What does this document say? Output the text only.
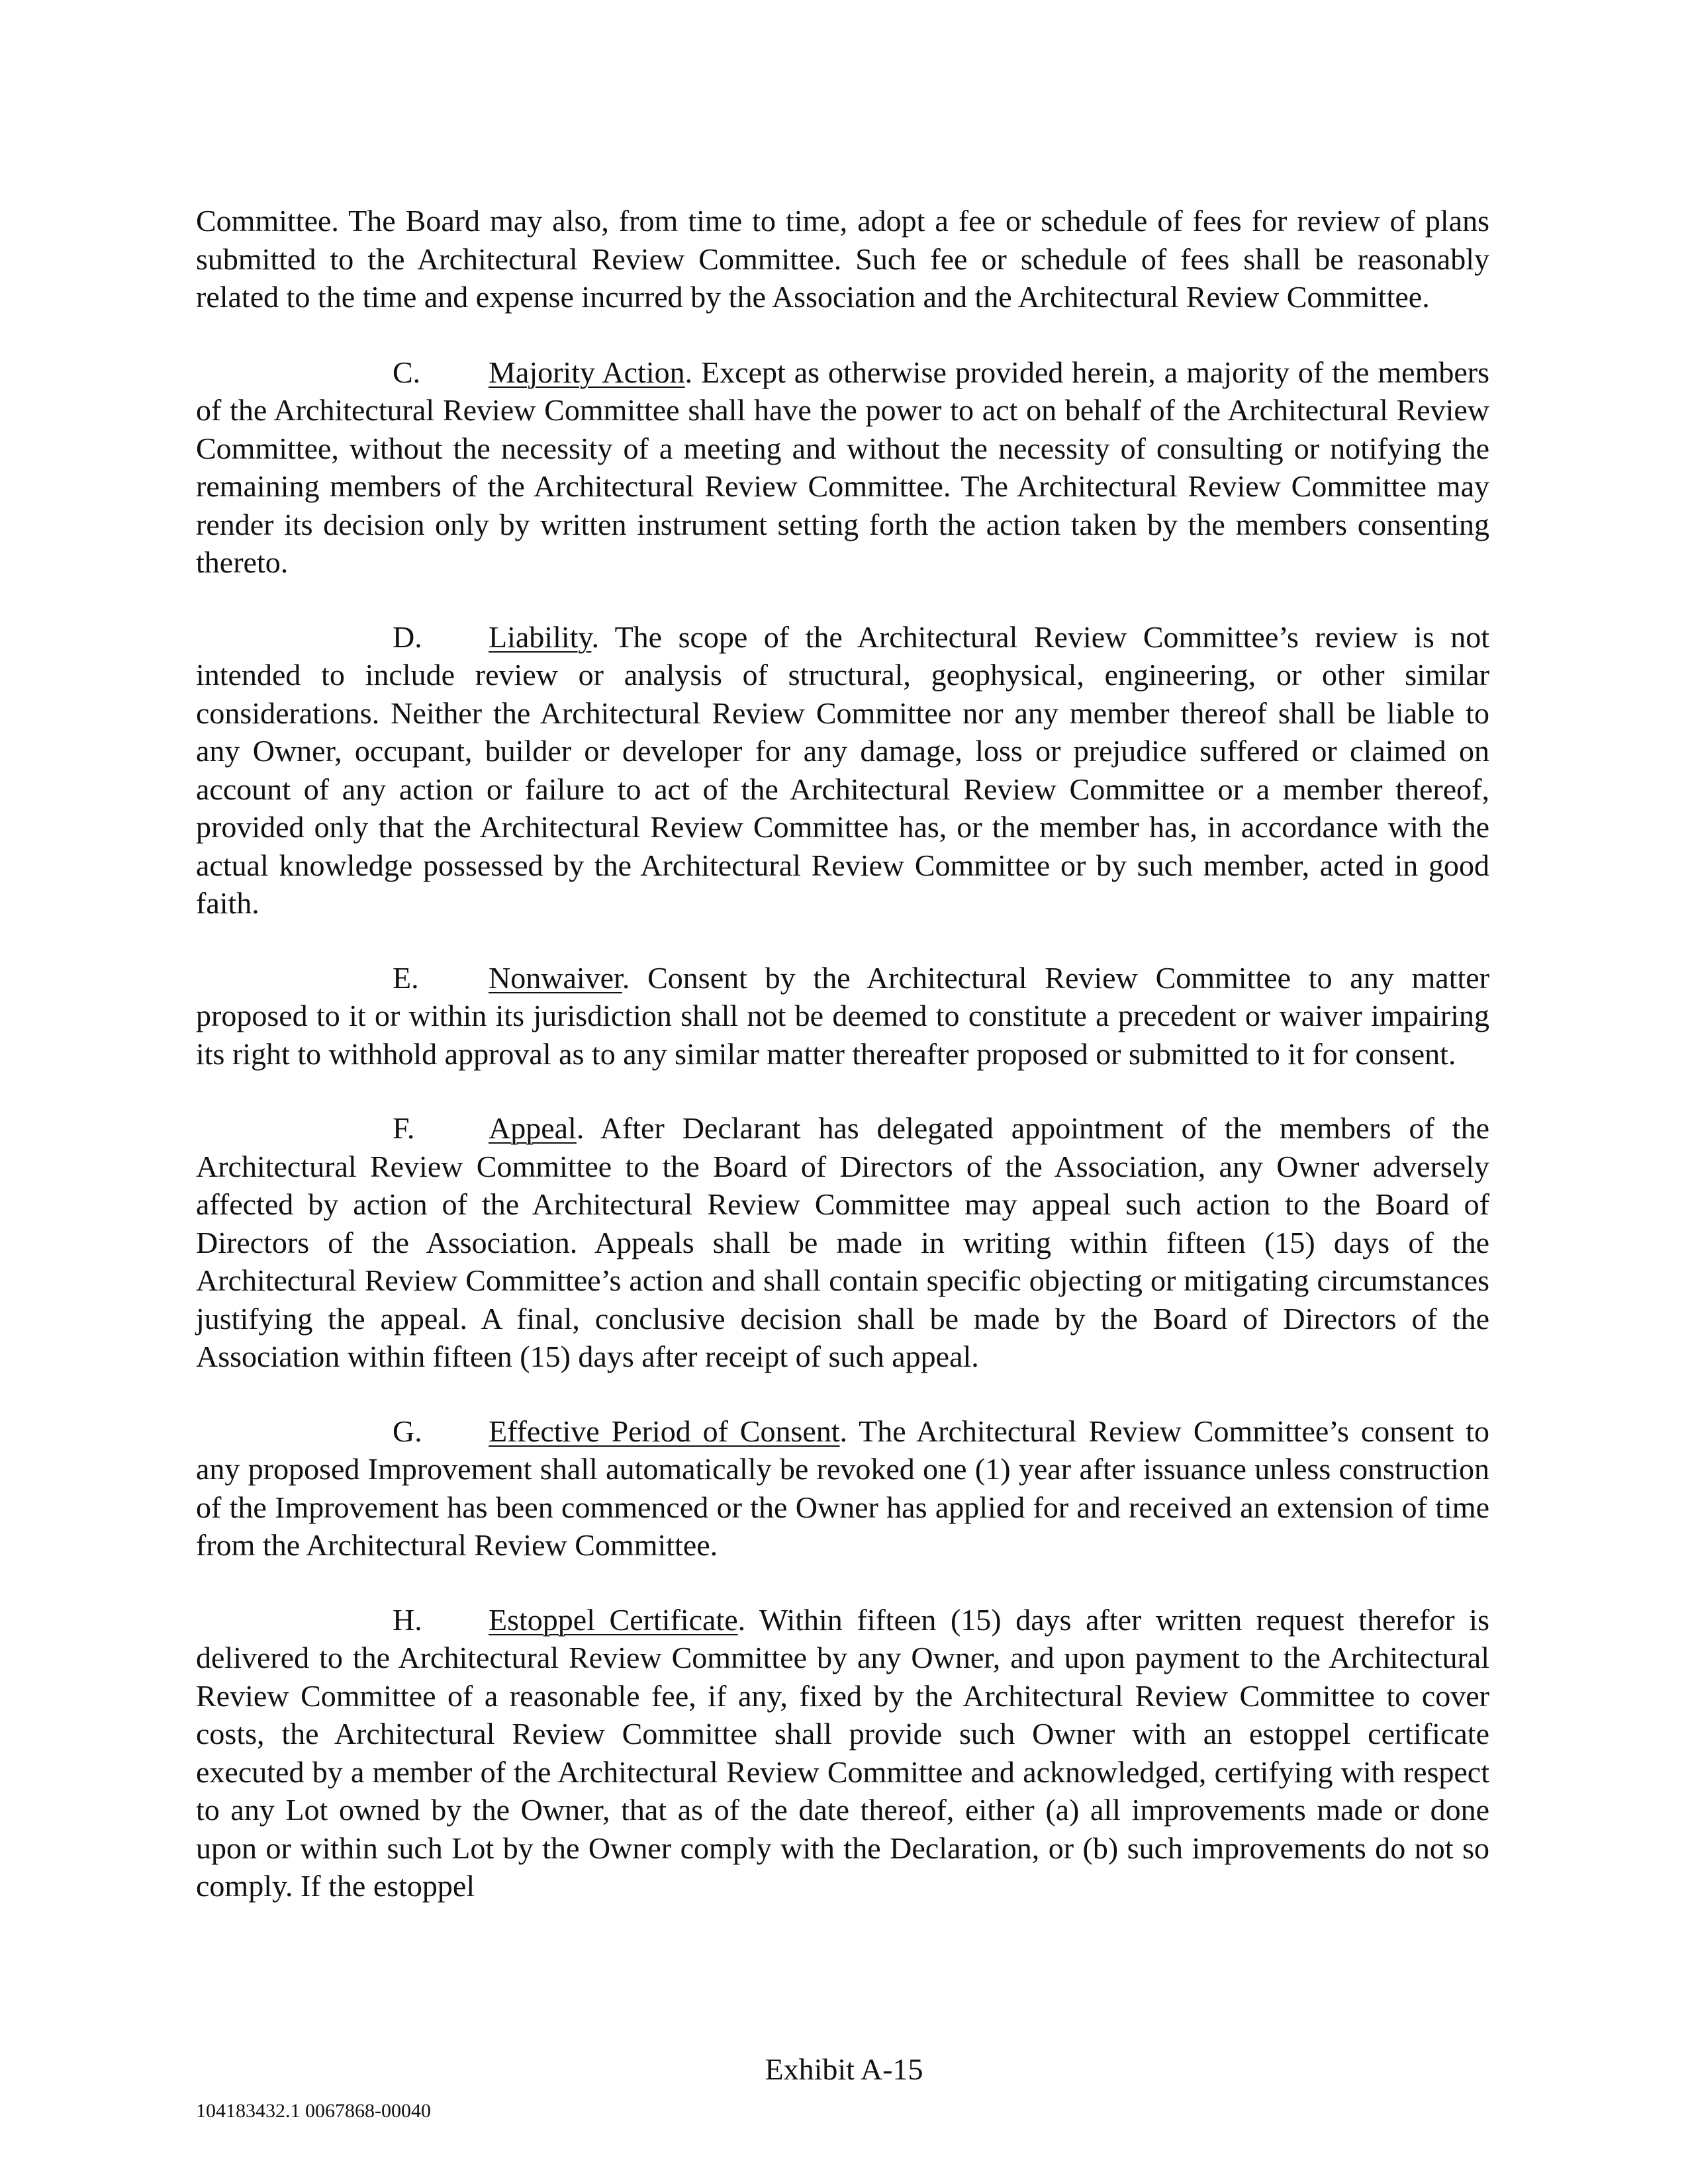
Committee. The Board may also, from time to time, adopt a fee or schedule of fees for review of plans submitted to the Architectural Review Committee. Such fee or schedule of fees shall be reasonably related to the time and expense incurred by the Association and the Architectural Review Committee.

C. Majority Action. Except as otherwise provided herein, a majority of the members of the Architectural Review Committee shall have the power to act on behalf of the Architectural Review Committee, without the necessity of a meeting and without the necessity of consulting or notifying the remaining members of the Architectural Review Committee. The Architectural Review Committee may render its decision only by written instrument setting forth the action taken by the members consenting thereto.

D. Liability. The scope of the Architectural Review Committee’s review is not intended to include review or analysis of structural, geophysical, engineering, or other similar considerations. Neither the Architectural Review Committee nor any member thereof shall be liable to any Owner, occupant, builder or developer for any damage, loss or prejudice suffered or claimed on account of any action or failure to act of the Architectural Review Committee or a member thereof, provided only that the Architectural Review Committee has, or the member has, in accordance with the actual knowledge possessed by the Architectural Review Committee or by such member, acted in good faith.

E. Nonwaiver. Consent by the Architectural Review Committee to any matter proposed to it or within its jurisdiction shall not be deemed to constitute a precedent or waiver impairing its right to withhold approval as to any similar matter thereafter proposed or submitted to it for consent.

F. Appeal. After Declarant has delegated appointment of the members of the Architectural Review Committee to the Board of Directors of the Association, any Owner adversely affected by action of the Architectural Review Committee may appeal such action to the Board of Directors of the Association. Appeals shall be made in writing within fifteen (15) days of the Architectural Review Committee’s action and shall contain specific objecting or mitigating circumstances justifying the appeal. A final, conclusive decision shall be made by the Board of Directors of the Association within fifteen (15) days after receipt of such appeal.

G. Effective Period of Consent. The Architectural Review Committee’s consent to any proposed Improvement shall automatically be revoked one (1) year after issuance unless construction of the Improvement has been commenced or the Owner has applied for and received an extension of time from the Architectural Review Committee.

H. Estoppel Certificate. Within fifteen (15) days after written request therefor is delivered to the Architectural Review Committee by any Owner, and upon payment to the Architectural Review Committee of a reasonable fee, if any, fixed by the Architectural Review Committee to cover costs, the Architectural Review Committee shall provide such Owner with an estoppel certificate executed by a member of the Architectural Review Committee and acknowledged, certifying with respect to any Lot owned by the Owner, that as of the date thereof, either (a) all improvements made or done upon or within such Lot by the Owner comply with the Declaration, or (b) such improvements do not so comply. If the estoppel

Exhibit A-15
104183432.1 0067868-00040
